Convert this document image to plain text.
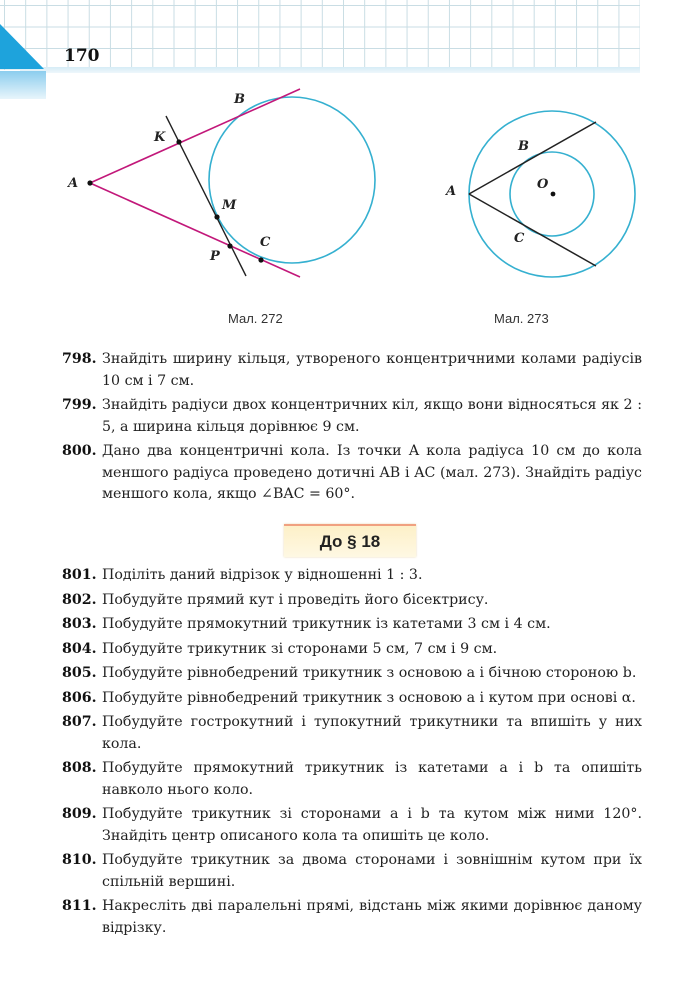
170
A
B
K
M
P
C
A
B
C
O
Мал. 272	Мал. 273
798. Знайдіть ширину кільця, утвореного концентричними колами радіусів 10 см і 7 см.
799. Знайдіть радіуси двох концентричних кіл, якщо вони відносяться як 2 : 5, а ширина кільця дорівнює 9 см.
800. Дано два концентричні кола. Із точки A кола радіуса 10 см до кола меншого радіуса проведено дотичні AB і AC (мал. 273). Знайдіть радіус меншого кола, якщо ∠BAC = 60°.
До § 18
801. Поділіть даний відрізок у відношенні 1 : 3.
802. Побудуйте прямий кут і проведіть його бісектрису.
803. Побудуйте прямокутний трикутник із катетами 3 см і 4 см.
804. Побудуйте трикутник зі сторонами 5 см, 7 см і 9 см.
805. Побудуйте рівнобедрений трикутник з основою a і бічною стороною b.
806. Побудуйте рівнобедрений трикутник з основою a і кутом при основі α.
807. Побудуйте гострокутний і тупокутний трикутники та впишіть у них кола.
808. Побудуйте прямокутний трикутник із катетами a і b та опишіть навколо нього коло.
809. Побудуйте трикутник зі сторонами a і b та кутом між ними 120°. Знайдіть центр описаного кола та опишіть це коло.
810. Побудуйте трикутник за двома сторонами і зовнішнім кутом при їх спільній вершині.
811. Накресліть дві паралельні прямі, відстань між якими дорівнює даному відрізку.
